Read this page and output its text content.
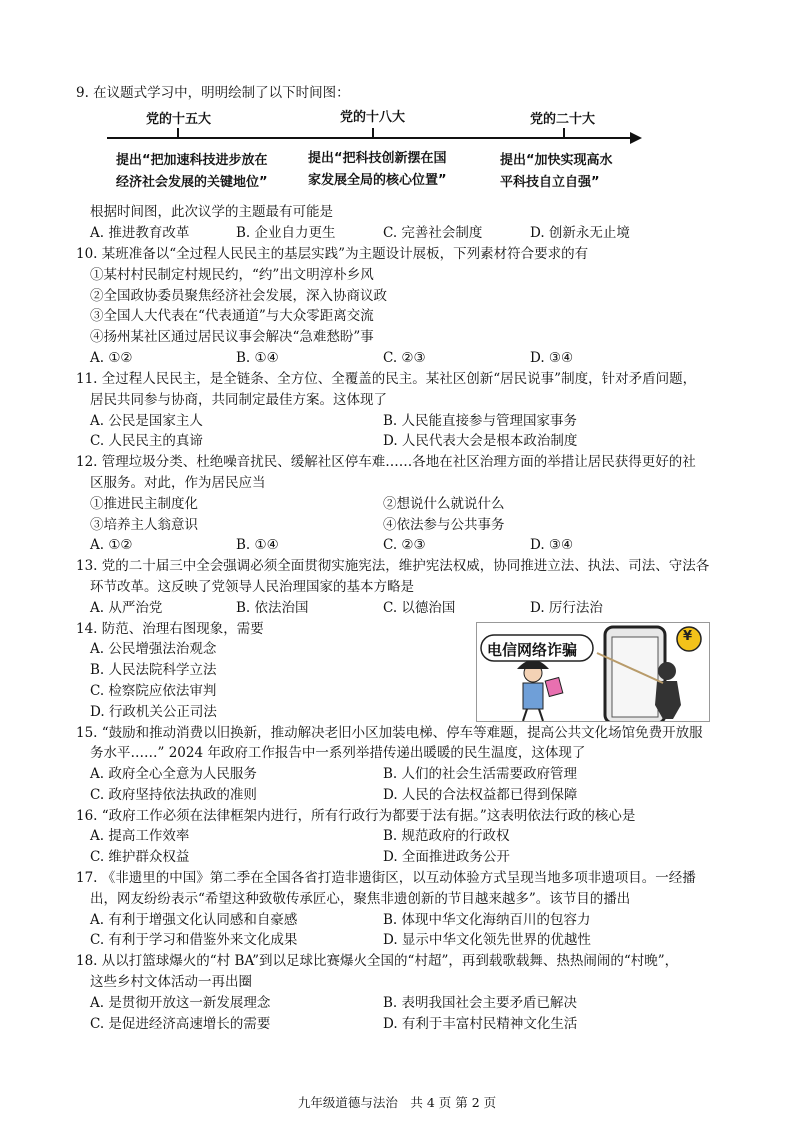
9. 在议题式学习中，明明绘制了以下时间图：
党的十五大	党的十八大	党的二十大
提出“把加速科技进步放在
经济社会发展的关键地位”
提出“把科技创新摆在国
家发展全局的核心位置”
提出“加快实现高水
平科技自立自强”
根据时间图，此次议学的主题最有可能是
A. 推进教育改革	B. 企业自力更生	C. 完善社会制度	D. 创新永无止境
10. 某班准备以“全过程人民民主的基层实践”为主题设计展板，下列素材符合要求的有
①某村村民制定村规民约，“约”出文明淳朴乡风
②全国政协委员聚焦经济社会发展，深入协商议政
③全国人大代表在“代表通道”与大众零距离交流
④扬州某社区通过居民议事会解决“急难愁盼”事
A. ①②	B. ①④	C. ②③	D. ③④
11. 全过程人民民主，是全链条、全方位、全覆盖的民主。某社区创新“居民说事”制度，针对矛盾问题，
居民共同参与协商，共同制定最佳方案。这体现了
A. 公民是国家主人	B. 人民能直接参与管理国家事务
C. 人民民主的真谛	D. 人民代表大会是根本政治制度
12. 管理垃圾分类、杜绝噪音扰民、缓解社区停车难……各地在社区治理方面的举措让居民获得更好的社
区服务。对此，作为居民应当
①推进民主制度化	②想说什么就说什么
③培养主人翁意识	④依法参与公共事务
A. ①②	B. ①④	C. ②③	D. ③④
13. 党的二十届三中全会强调必须全面贯彻实施宪法，维护宪法权威，协同推进立法、执法、司法、守法各
环节改革。这反映了党领导人民治理国家的基本方略是
A. 从严治党	B. 依法治国	C. 以德治国	D. 厉行法治
14. 防范、治理右图现象，需要
A. 公民增强法治观念
B. 人民法院科学立法
C. 检察院应依法审判
D. 行政机关公正司法
电信网络诈骗
¥
15. “鼓励和推动消费以旧换新，推动解决老旧小区加装电梯、停车等难题，提高公共文化场馆免费开放服
务水平……” 2024 年政府工作报告中一系列举措传递出暖暖的民生温度，这体现了
A. 政府全心全意为人民服务	B. 人们的社会生活需要政府管理
C. 政府坚持依法执政的准则	D. 人民的合法权益都已得到保障
16. “政府工作必须在法律框架内进行，所有行政行为都要于法有据。”这表明依法行政的核心是
A. 提高工作效率	B. 规范政府的行政权
C. 维护群众权益	D. 全面推进政务公开
17. 《非遗里的中国》第二季在全国各省打造非遗街区，以互动体验方式呈现当地多项非遗项目。一经播
出，网友纷纷表示“希望这种致敬传承匠心，聚焦非遗创新的节目越来越多”。该节目的播出
A. 有利于增强文化认同感和自豪感	B. 体现中华文化海纳百川的包容力
C. 有利于学习和借鉴外来文化成果	D. 显示中华文化领先世界的优越性
18. 从以打篮球爆火的“村 BA”到以足球比赛爆火全国的“村超”，再到载歌载舞、热热闹闹的“村晚”，
这些乡村文体活动一再出圈
A. 是贯彻开放这一新发展理念	B. 表明我国社会主要矛盾已解决
C. 是促进经济高速增长的需要	D. 有利于丰富村民精神文化生活
九年级道德与法治　共 4 页 第 2 页
